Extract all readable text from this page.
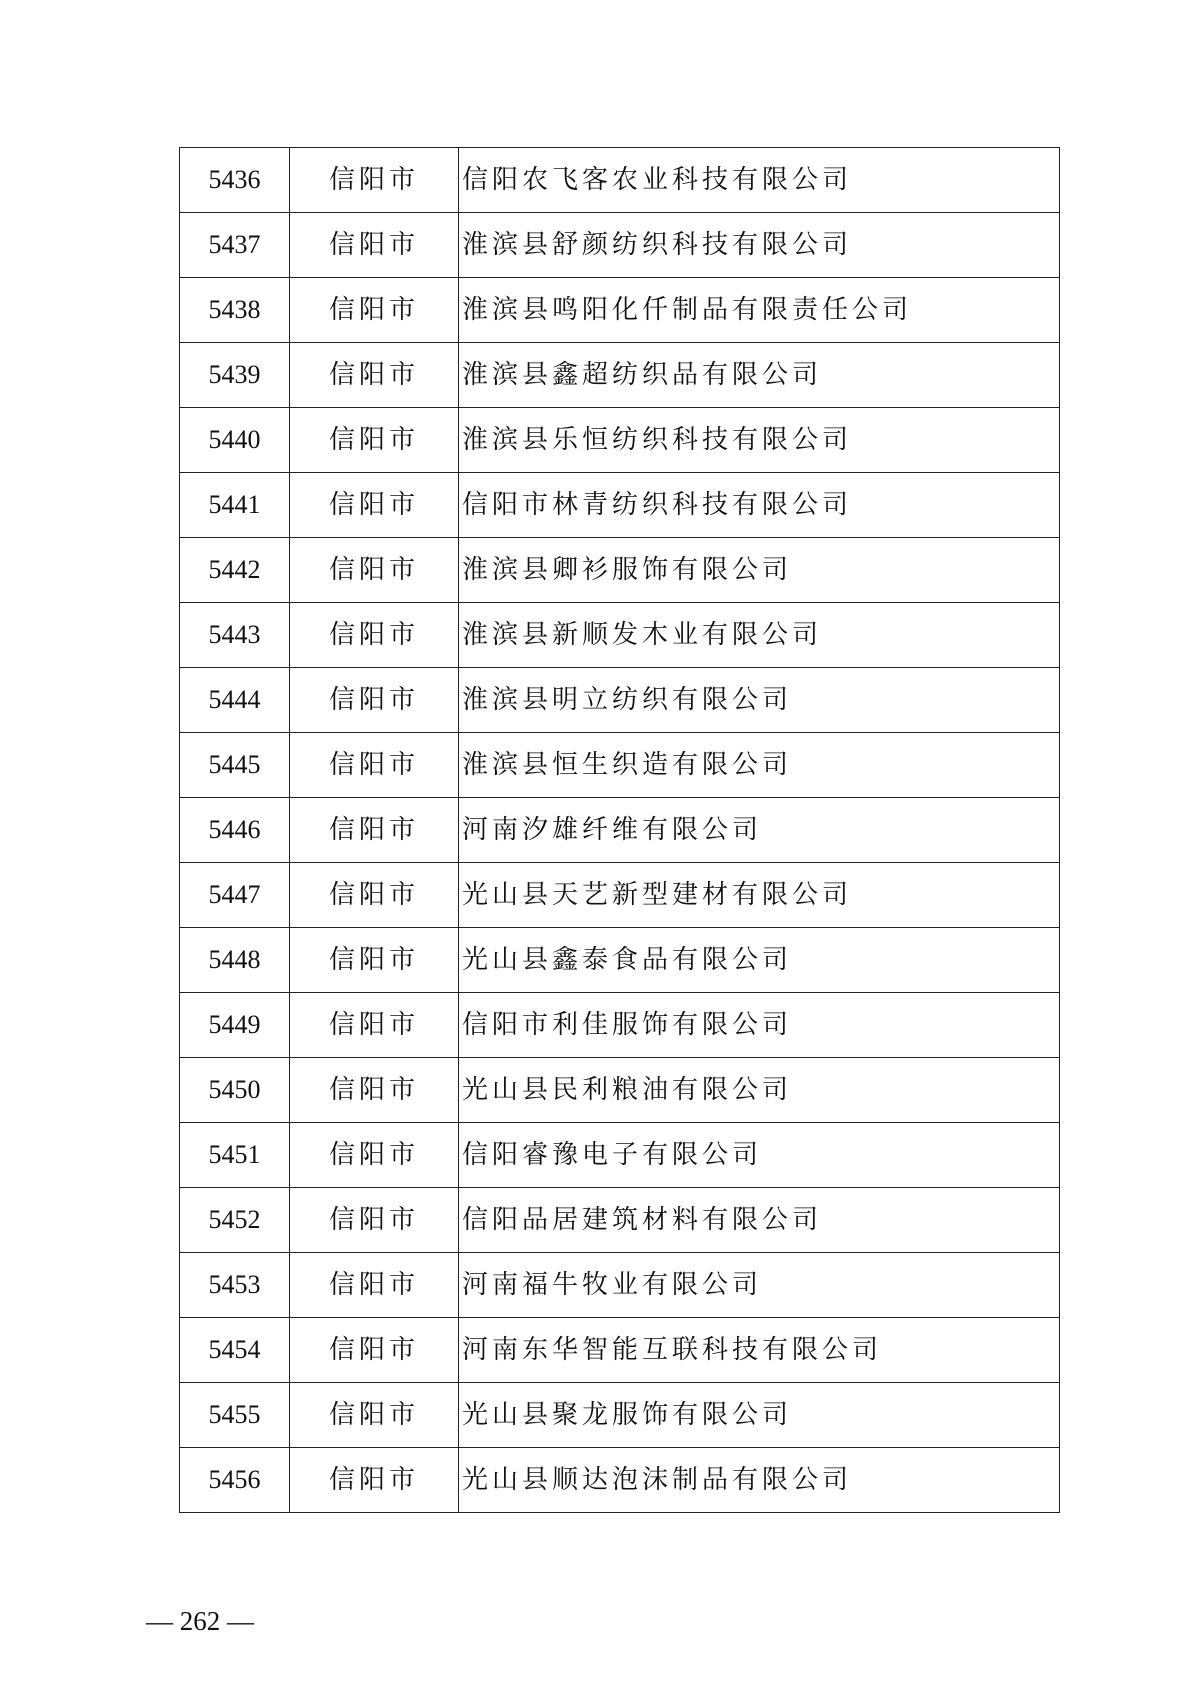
5436	信阳市	信阳农飞客农业科技有限公司
5437	信阳市	淮滨县舒颜纺织科技有限公司
5438	信阳市	淮滨县鸣阳化仟制品有限责任公司
5439	信阳市	淮滨县鑫超纺织品有限公司
5440	信阳市	淮滨县乐恒纺织科技有限公司
5441	信阳市	信阳市林青纺织科技有限公司
5442	信阳市	淮滨县卿衫服饰有限公司
5443	信阳市	淮滨县新顺发木业有限公司
5444	信阳市	淮滨县明立纺织有限公司
5445	信阳市	淮滨县恒生织造有限公司
5446	信阳市	河南汐雄纤维有限公司
5447	信阳市	光山县天艺新型建材有限公司
5448	信阳市	光山县鑫泰食品有限公司
5449	信阳市	信阳市利佳服饰有限公司
5450	信阳市	光山县民利粮油有限公司
5451	信阳市	信阳睿豫电子有限公司
5452	信阳市	信阳品居建筑材料有限公司
5453	信阳市	河南福牛牧业有限公司
5454	信阳市	河南东华智能互联科技有限公司
5455	信阳市	光山县聚龙服饰有限公司
5456	信阳市	光山县顺达泡沫制品有限公司
— 262 —
